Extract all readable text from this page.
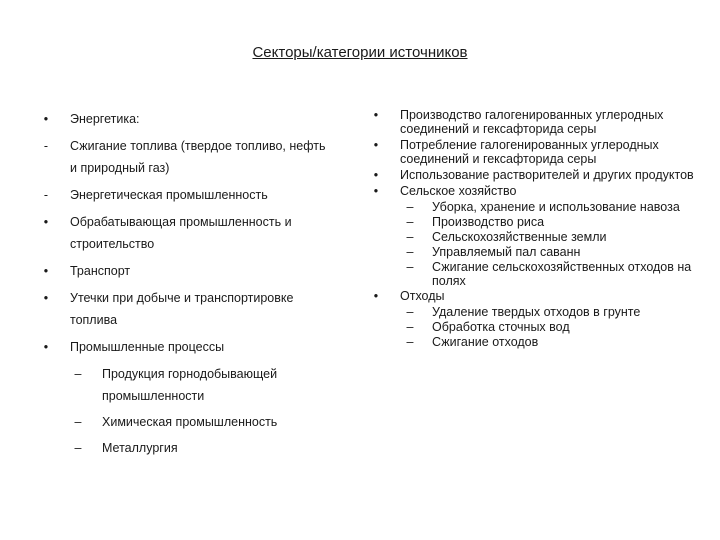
Секторы/категории источников
•	Энергетика:
-	Сжигание топлива (твердое топливо, нефть и природный газ)
-	Энергетическая промышленность
•	Обрабатывающая промышленность и строительство
•	Транспорт
•	Утечки при добыче и транспортировке топлива
•	Промышленные процессы
– Продукция горнодобывающей промышленности
– Химическая промышленность
– Металлургия
•	Производство галогенированных углеродных соединений и гексафторида серы
•	Потребление галогенированных углеродных соединений и гексафторида серы
•	Использование растворителей и других продуктов
•	Сельское хозяйство
– Уборка, хранение и использование навоза
– Производство риса
– Сельскохозяйственные земли
– Управляемый пал саванн
– Сжигание сельскохозяйственных отходов на полях
•	Отходы
– Удаление твердых отходов в грунте
– Обработка сточных вод
– Сжигание отходов
